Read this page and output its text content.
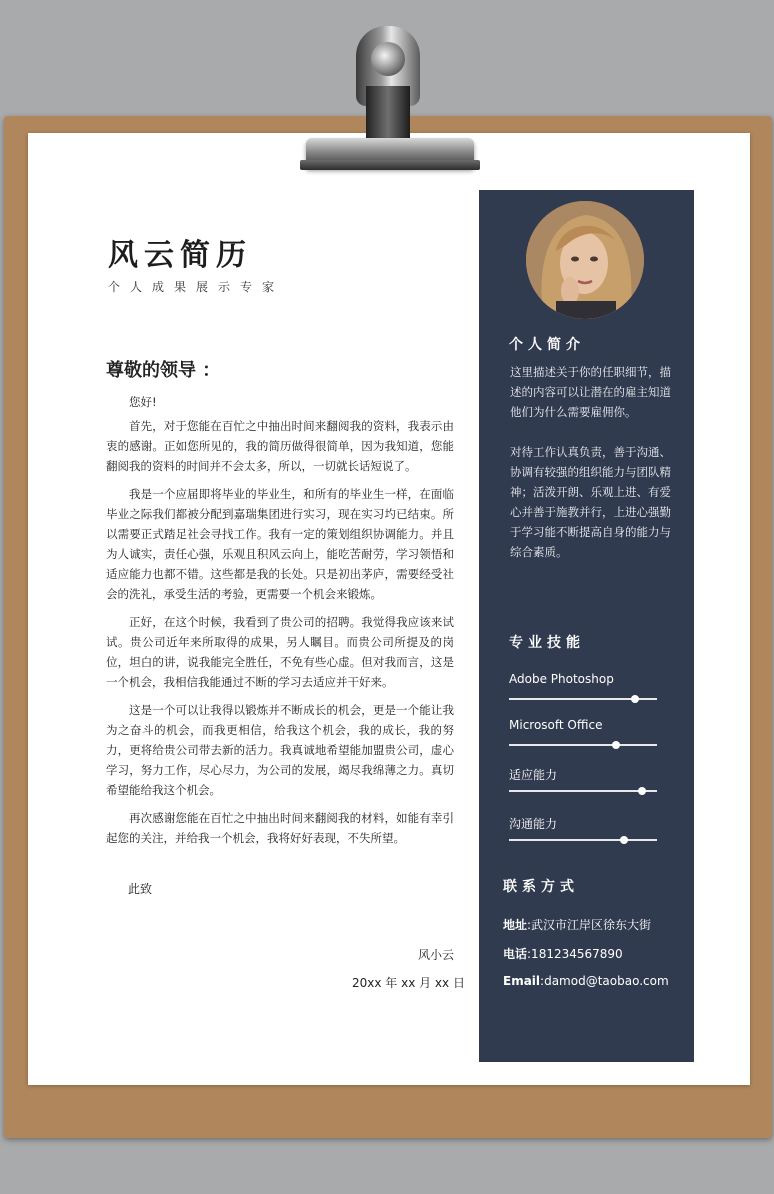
风云简历
个人成果展示专家
尊敬的领导 ：

您好!

首先，对于您能在百忙之中抽出时间来翻阅我的资料，我表示由衷的感谢。正如您所见的，我的简历做得很简单，因为我知道，您能翻阅我的资料的时间并不会太多，所以，一切就长话短说了。

我是一个应届即将毕业的毕业生，和所有的毕业生一样，在面临毕业之际我们都被分配到嘉瑞集团进行实习，现在实习圴已结束。所以需要正式踏足社会寻找工作。我有一定的策划组织协调能力。并且为人诚实，责任心强，乐观且积风云向上，能吃苦耐劳，学习领悟和适应能力也都不错。这些都是我的长处。只是初出茅庐，需要经受社会的洗礼，承受生活的考验，更需要一个机会来锻炼。

正好，在这个时候，我看到了贵公司的招聘。我觉得我应该来试试。贵公司近年来所取得的成果，另人瞩目。而贵公司所提及的岗位，坦白的讲，说我能完全胜任，不免有些心虚。但对我而言，这是一个机会，我相信我能通过不断的学习去适应并干好来。

这是一个可以让我得以锻炼并不断成长的机会，更是一个能让我为之奋斗的机会，而我更相信，给我这个机会，我的成长，我的努力，更将给贵公司带去新的活力。我真诚地希望能加盟贵公司，虚心学习，努力工作，尽心尽力，为公司的发展，竭尽我绵薄之力。真切希望能给我这个机会。

再次感谢您能在百忙之中抽出时间来翻阅我的材料，如能有幸引起您的关注，并给我一个机会，我将好好表现，不失所望。

此致
风小云
20xx 年 xx 月 xx 日
个人简介

这里描述关于你的任职细节，描述的内容可以让潜在的雇主知道他们为什么需要雇佣你。

对待工作认真负责，善于沟通、协调有较强的组织能力与团队精神；活泼开朗、乐观上进、有爱心并善于施教并行，上进心强勤于学习能不断提高自身的能力与综合素质。

专业技能
Adobe Photoshop
Microsoft Office
适应能力
沟通能力
联系方式
地址:武汉市江岸区徐东大街
电话:181234567890
Email:damod@taobao.com
